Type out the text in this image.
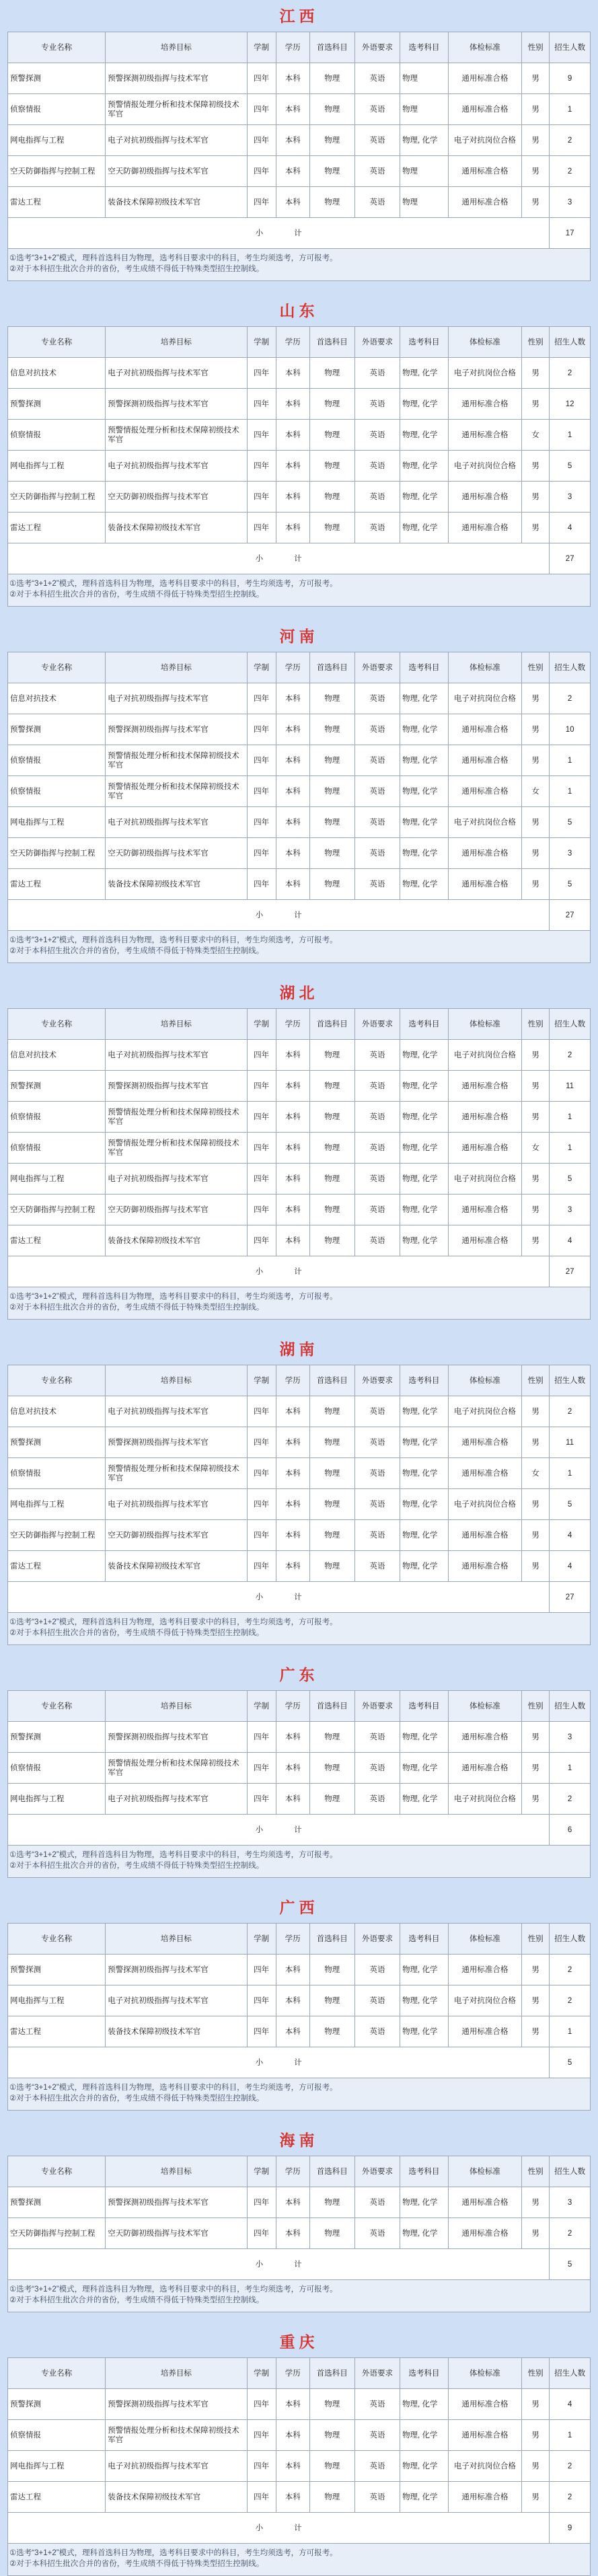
江西
专业名称	培养目标	学制	学历	首选科目	外语要求	选考科目	体检标准	性别	招生人数
预警探测	预警探测初级指挥与技术军官	四年	本科	物理	英语	物理	通用标准合格	男	9
侦察情报	预警情报处理分析和技术保障初级技术军官	四年	本科	物理	英语	物理	通用标准合格	男	1
网电指挥与工程	电子对抗初级指挥与技术军官	四年	本科	物理	英语	物理, 化学	电子对抗岗位合格	男	2
空天防御指挥与控制工程	空天防御初级指挥与技术军官	四年	本科	物理	英语	物理	通用标准合格	男	2
雷达工程	装备技术保障初级技术军官	四年	本科	物理	英语	物理	通用标准合格	男	3
小　　　　计									17
①选考“3+1+2”模式，理科首选科目为物理，选考科目要求中的科目，考生均须选考，方可报考。
②对于本科招生批次合并的省份，考生成绩不得低于特殊类型招生控制线。
山东
专业名称	培养目标	学制	学历	首选科目	外语要求	选考科目	体检标准	性别	招生人数
信息对抗技术	电子对抗初级指挥与技术军官	四年	本科	物理	英语	物理, 化学	电子对抗岗位合格	男	2
预警探测	预警探测初级指挥与技术军官	四年	本科	物理	英语	物理, 化学	通用标准合格	男	12
侦察情报	预警情报处理分析和技术保障初级技术军官	四年	本科	物理	英语	物理, 化学	通用标准合格	女	1
网电指挥与工程	电子对抗初级指挥与技术军官	四年	本科	物理	英语	物理, 化学	电子对抗岗位合格	男	5
空天防御指挥与控制工程	空天防御初级指挥与技术军官	四年	本科	物理	英语	物理, 化学	通用标准合格	男	3
雷达工程	装备技术保障初级技术军官	四年	本科	物理	英语	物理, 化学	通用标准合格	男	4
小　　　　计									27
①选考“3+1+2”模式，理科首选科目为物理，选考科目要求中的科目，考生均须选考，方可报考。
②对于本科招生批次合并的省份，考生成绩不得低于特殊类型招生控制线。
河南
专业名称	培养目标	学制	学历	首选科目	外语要求	选考科目	体检标准	性别	招生人数
信息对抗技术	电子对抗初级指挥与技术军官	四年	本科	物理	英语	物理, 化学	电子对抗岗位合格	男	2
预警探测	预警探测初级指挥与技术军官	四年	本科	物理	英语	物理, 化学	通用标准合格	男	10
侦察情报	预警情报处理分析和技术保障初级技术军官	四年	本科	物理	英语	物理, 化学	通用标准合格	男	1
侦察情报	预警情报处理分析和技术保障初级技术军官	四年	本科	物理	英语	物理, 化学	通用标准合格	女	1
网电指挥与工程	电子对抗初级指挥与技术军官	四年	本科	物理	英语	物理, 化学	电子对抗岗位合格	男	5
空天防御指挥与控制工程	空天防御初级指挥与技术军官	四年	本科	物理	英语	物理, 化学	通用标准合格	男	3
雷达工程	装备技术保障初级技术军官	四年	本科	物理	英语	物理, 化学	通用标准合格	男	5
小　　　　计									27
①选考“3+1+2”模式，理科首选科目为物理，选考科目要求中的科目，考生均须选考，方可报考。
②对于本科招生批次合并的省份，考生成绩不得低于特殊类型招生控制线。
湖北
专业名称	培养目标	学制	学历	首选科目	外语要求	选考科目	体检标准	性别	招生人数
信息对抗技术	电子对抗初级指挥与技术军官	四年	本科	物理	英语	物理, 化学	电子对抗岗位合格	男	2
预警探测	预警探测初级指挥与技术军官	四年	本科	物理	英语	物理, 化学	通用标准合格	男	11
侦察情报	预警情报处理分析和技术保障初级技术军官	四年	本科	物理	英语	物理, 化学	通用标准合格	男	1
侦察情报	预警情报处理分析和技术保障初级技术军官	四年	本科	物理	英语	物理, 化学	通用标准合格	女	1
网电指挥与工程	电子对抗初级指挥与技术军官	四年	本科	物理	英语	物理, 化学	电子对抗岗位合格	男	5
空天防御指挥与控制工程	空天防御初级指挥与技术军官	四年	本科	物理	英语	物理, 化学	通用标准合格	男	3
雷达工程	装备技术保障初级技术军官	四年	本科	物理	英语	物理, 化学	通用标准合格	男	4
小　　　　计									27
①选考“3+1+2”模式，理科首选科目为物理，选考科目要求中的科目，考生均须选考，方可报考。
②对于本科招生批次合并的省份，考生成绩不得低于特殊类型招生控制线。
湖南
专业名称	培养目标	学制	学历	首选科目	外语要求	选考科目	体检标准	性别	招生人数
信息对抗技术	电子对抗初级指挥与技术军官	四年	本科	物理	英语	物理, 化学	电子对抗岗位合格	男	2
预警探测	预警探测初级指挥与技术军官	四年	本科	物理	英语	物理, 化学	通用标准合格	男	11
侦察情报	预警情报处理分析和技术保障初级技术军官	四年	本科	物理	英语	物理, 化学	通用标准合格	女	1
网电指挥与工程	电子对抗初级指挥与技术军官	四年	本科	物理	英语	物理, 化学	电子对抗岗位合格	男	5
空天防御指挥与控制工程	空天防御初级指挥与技术军官	四年	本科	物理	英语	物理, 化学	通用标准合格	男	4
雷达工程	装备技术保障初级技术军官	四年	本科	物理	英语	物理, 化学	通用标准合格	男	4
小　　　　计									27
①选考“3+1+2”模式，理科首选科目为物理，选考科目要求中的科目，考生均须选考，方可报考。
②对于本科招生批次合并的省份，考生成绩不得低于特殊类型招生控制线。
广东
专业名称	培养目标	学制	学历	首选科目	外语要求	选考科目	体检标准	性别	招生人数
预警探测	预警探测初级指挥与技术军官	四年	本科	物理	英语	物理, 化学	通用标准合格	男	3
侦察情报	预警情报处理分析和技术保障初级技术军官	四年	本科	物理	英语	物理, 化学	通用标准合格	男	1
网电指挥与工程	电子对抗初级指挥与技术军官	四年	本科	物理	英语	物理, 化学	电子对抗岗位合格	男	2
小　　　　计									6
①选考“3+1+2”模式，理科首选科目为物理，选考科目要求中的科目，考生均须选考，方可报考。
②对于本科招生批次合并的省份，考生成绩不得低于特殊类型招生控制线。
广西
专业名称	培养目标	学制	学历	首选科目	外语要求	选考科目	体检标准	性别	招生人数
预警探测	预警探测初级指挥与技术军官	四年	本科	物理	英语	物理, 化学	通用标准合格	男	2
网电指挥与工程	电子对抗初级指挥与技术军官	四年	本科	物理	英语	物理, 化学	电子对抗岗位合格	男	2
雷达工程	装备技术保障初级技术军官	四年	本科	物理	英语	物理, 化学	通用标准合格	男	1
小　　　　计									5
①选考“3+1+2”模式，理科首选科目为物理，选考科目要求中的科目，考生均须选考，方可报考。
②对于本科招生批次合并的省份，考生成绩不得低于特殊类型招生控制线。
海南
专业名称	培养目标	学制	学历	首选科目	外语要求	选考科目	体检标准	性别	招生人数
预警探测	预警探测初级指挥与技术军官	四年	本科	物理	英语	物理, 化学	通用标准合格	男	3
空天防御指挥与控制工程	空天防御初级指挥与技术军官	四年	本科	物理	英语	物理, 化学	通用标准合格	男	2
小　　　　计									5
①选考“3+1+2”模式，理科首选科目为物理，选考科目要求中的科目，考生均须选考，方可报考。
②对于本科招生批次合并的省份，考生成绩不得低于特殊类型招生控制线。
重庆
专业名称	培养目标	学制	学历	首选科目	外语要求	选考科目	体检标准	性别	招生人数
预警探测	预警探测初级指挥与技术军官	四年	本科	物理	英语	物理, 化学	通用标准合格	男	4
侦察情报	预警情报处理分析和技术保障初级技术军官	四年	本科	物理	英语	物理, 化学	通用标准合格	男	1
网电指挥与工程	电子对抗初级指挥与技术军官	四年	本科	物理	英语	物理, 化学	电子对抗岗位合格	男	2
雷达工程	装备技术保障初级技术军官	四年	本科	物理	英语	物理, 化学	通用标准合格	男	2
小　　　　计									9
①选考“3+1+2”模式，理科首选科目为物理，选考科目要求中的科目，考生均须选考，方可报考。
②对于本科招生批次合并的省份，考生成绩不得低于特殊类型招生控制线。
